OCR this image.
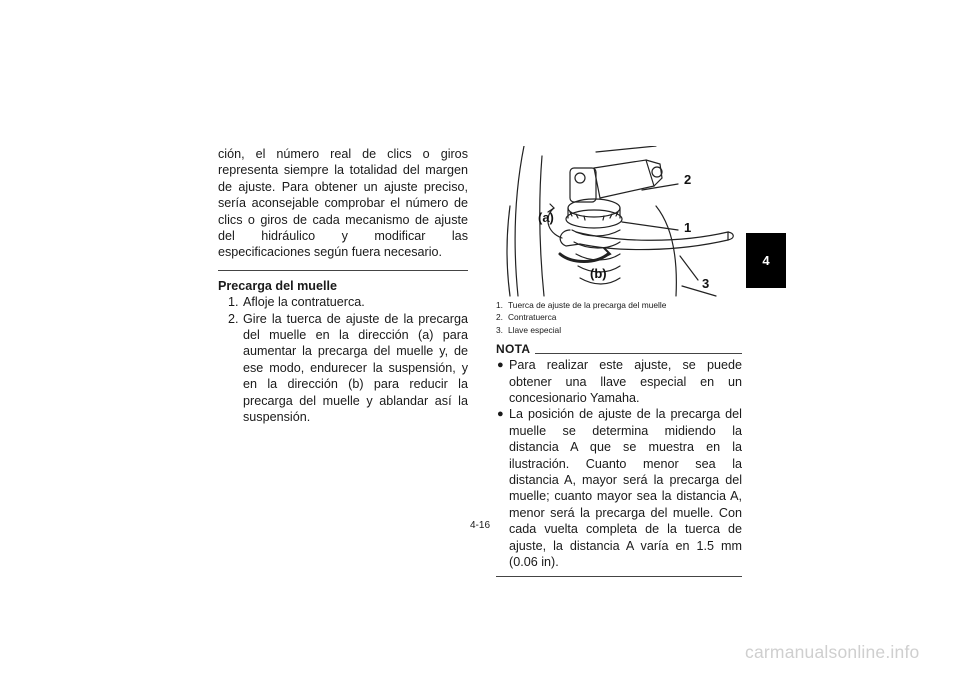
ción, el número real de clics o giros representa siempre la totalidad del margen de ajuste. Para obtener un ajuste preciso, sería aconsejable comprobar el número de clics o giros de cada mecanismo de ajuste del hidráulico y modificar las especificaciones según fuera necesario.

Precarga del muelle

1. Afloje la contratuerca.
2. Gire la tuerca de ajuste de la precarga del muelle en la dirección (a) para aumentar la precarga del muelle y, de ese modo, endurecer la suspensión, y en la dirección (b) para reducir la precarga del muelle y ablandar así la suspensión.
(a)
(b)
2
1
3
1. Tuerca de ajuste de la precarga del muelle
2. Contratuerca
3. Llave especial
NOTA
● Para realizar este ajuste, se puede obtener una llave especial en un concesionario Yamaha.
● La posición de ajuste de la precarga del muelle se determina midiendo la distancia A que se muestra en la ilustración. Cuanto menor sea la distancia A, mayor será la precarga del muelle; cuanto mayor sea la distancia A, menor será la precarga del muelle. Con cada vuelta completa de la tuerca de ajuste, la distancia A varía en 1.5 mm (0.06 in).
4-16
4
carmanualsonline.info
